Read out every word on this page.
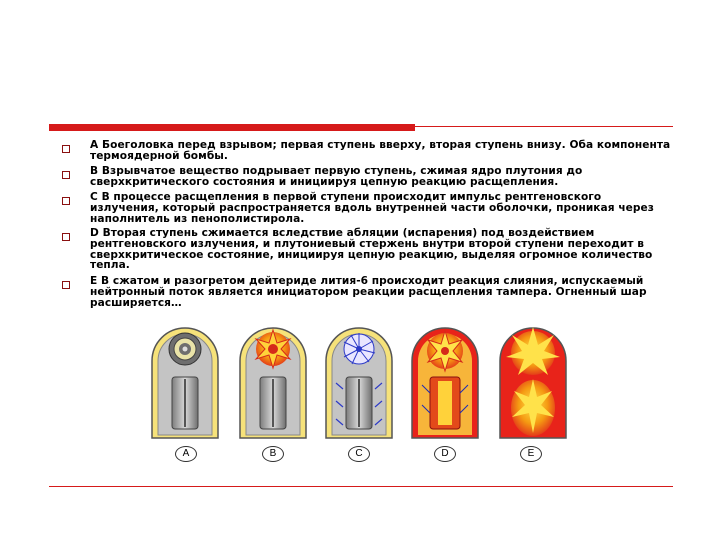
А Боеголовка перед взрывом; первая ступень вверху, вторая ступень внизу. Оба компонента термоядерной бомбы.

В Взрывчатое вещество подрывает первую ступень, сжимая ядро плутония до сверхкритического состояния и инициируя цепную реакцию расщепления.

С В процессе расщепления в первой ступени происходит импульс рентгеновского излучения, который распространяется вдоль внутренней части оболочки, проникая через наполнитель из пенополистирола.

D Вторая ступень сжимается вследствие абляции (испарения) под воздействием рентгеновского излучения, и плутониевый стержень внутри второй ступени переходит в сверхкритическое состояние, инициируя цепную реакцию, выделяя огромное количество тепла.

Е В сжатом и разогретом дейтериде лития-6 происходит реакция слияния, испускаемый нейтронный поток является инициатором реакции расщепления тампера. Огненный шар расширяется…

A	B	C	D	E
